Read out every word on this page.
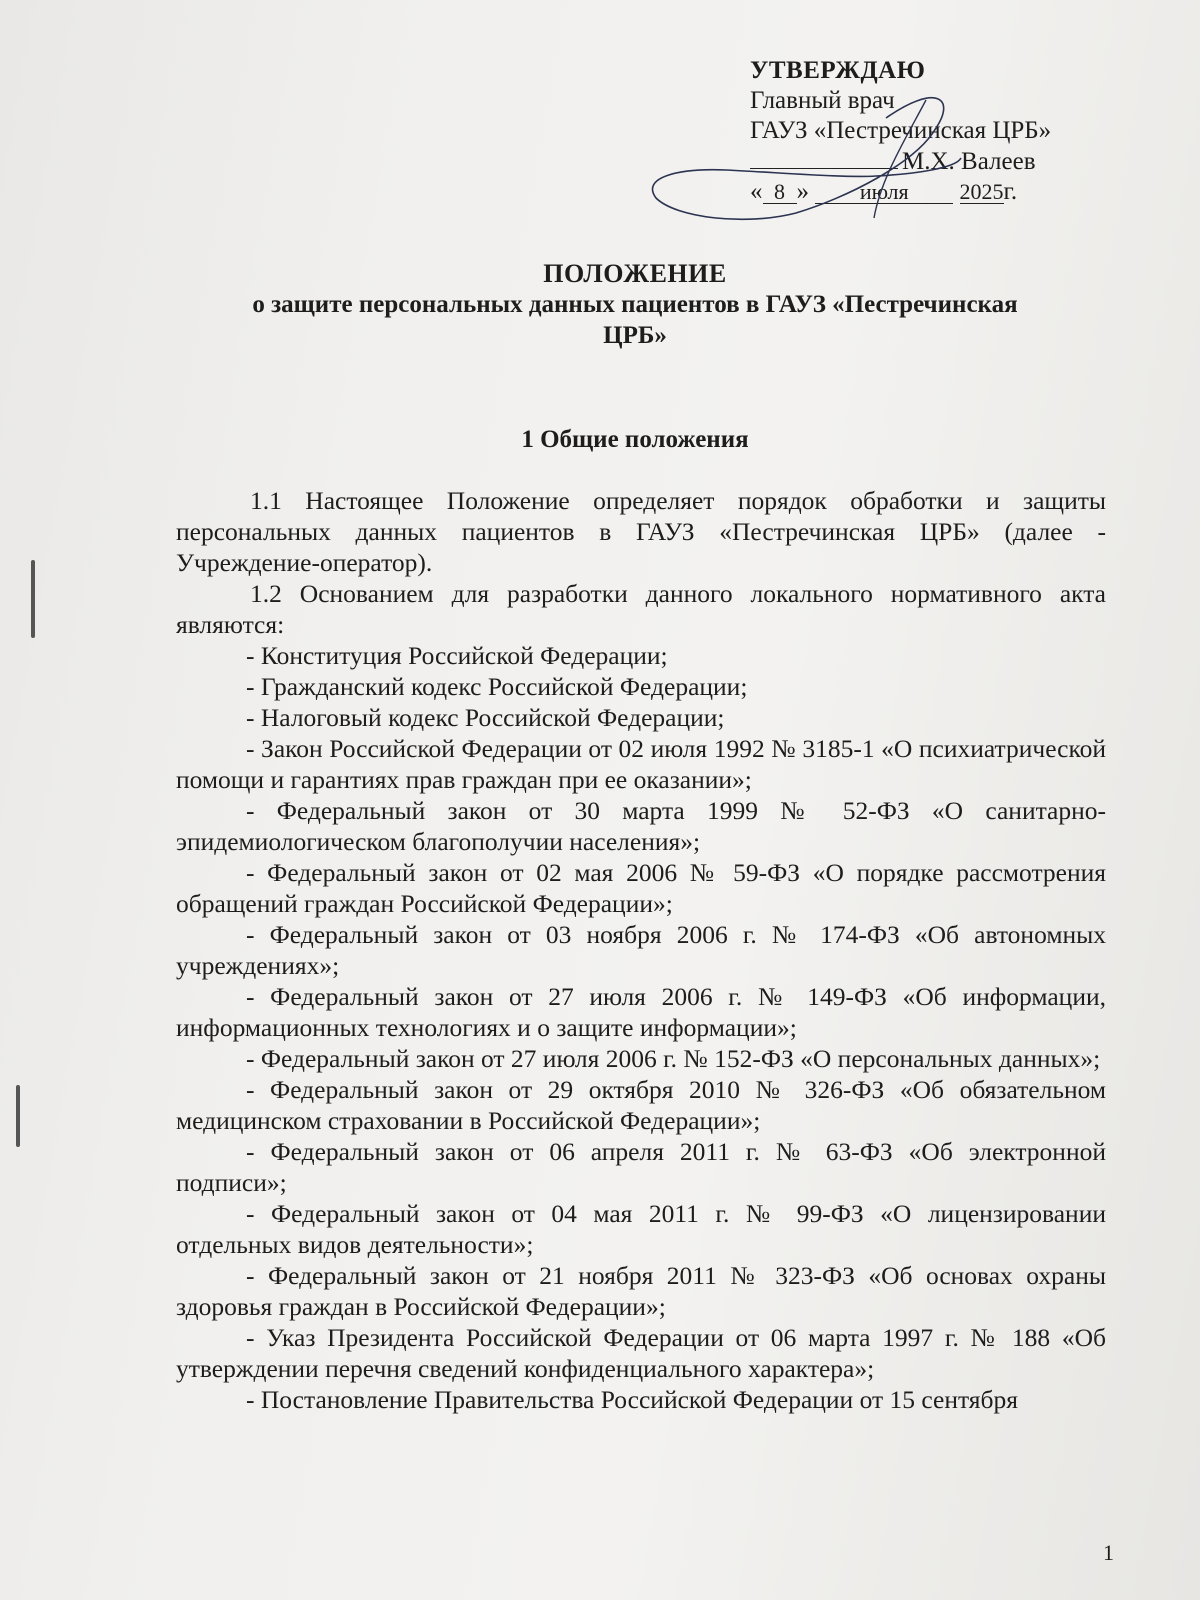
УТВЕРЖДАЮ
Главный врач
ГАУЗ «Пестречинская ЦРБ»
М.Х. Валеев
« 8 » июля 2025г.
ПОЛОЖЕНИЕ
о защите персональных данных пациентов в ГАУЗ «Пестречинская
ЦРБ»
1 Общие положения

1.1 Настоящее Положение определяет порядок обработки и защиты персональных данных пациентов в ГАУЗ «Пестречинская ЦРБ» (далее - Учреждение-оператор).

1.2 Основанием для разработки данного локального нормативного акта являются:

- Конституция Российской Федерации;

- Гражданский кодекс Российской Федерации;

- Налоговый кодекс Российской Федерации;

- Закон Российской Федерации от 02 июля 1992 № 3185-1 «О психиатрической помощи и гарантиях прав граждан при ее оказании»;

- Федеральный закон от 30 марта 1999 № 52-ФЗ «О санитарно-эпидемиологическом благополучии населения»;

- Федеральный закон от 02 мая 2006 № 59-ФЗ «О порядке рассмотрения обращений граждан Российской Федерации»;

- Федеральный закон от 03 ноября 2006 г. № 174-ФЗ «Об автономных учреждениях»;

- Федеральный закон от 27 июля 2006 г. № 149-ФЗ «Об информации, информационных технологиях и о защите информации»;

- Федеральный закон от 27 июля 2006 г. № 152-ФЗ «О персональных данных»;

- Федеральный закон от 29 октября 2010 № 326-ФЗ «Об обязательном медицинском страховании в Российской Федерации»;

- Федеральный закон от 06 апреля 2011 г. № 63-ФЗ «Об электронной подписи»;

- Федеральный закон от 04 мая 2011 г. № 99-ФЗ «О лицензировании отдельных видов деятельности»;

- Федеральный закон от 21 ноября 2011 № 323-ФЗ «Об основах охраны здоровья граждан в Российской Федерации»;

- Указ Президента Российской Федерации от 06 марта 1997 г. № 188 «Об утверждении перечня сведений конфиденциального характера»;

- Постановление Правительства Российской Федерации от 15 сентября

1
